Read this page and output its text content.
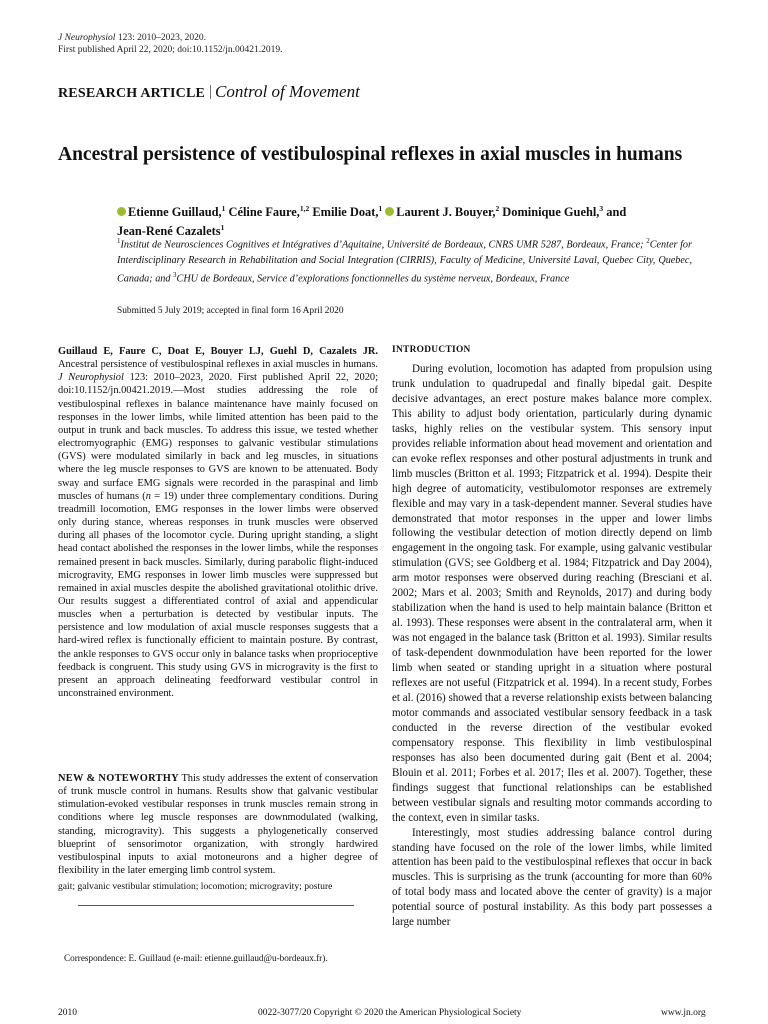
J Neurophysiol 123: 2010–2023, 2020.
First published April 22, 2020; doi:10.1152/jn.00421.2019.
RESEARCH ARTICLE Control of Movement
Ancestral persistence of vestibulospinal reflexes in axial muscles in humans
Etienne Guillaud,$^1$ Céline Faure,$^{1,2}$ Emilie Doat,$^1$ Laurent J. Bouyer,$^2$ Dominique Guehl,$^3$ and
Jean-René Cazalets$^1$
$^1$Institut de Neurosciences Cognitives et Intégratives d’Aquitaine, Université de Bordeaux, CNRS UMR 5287, Bordeaux, France; $^2$Center for Interdisciplinary Research in Rehabilitation and Social Integration (CIRRIS), Faculty of Medicine, Université Laval, Quebec City, Quebec, Canada; and $^3$CHU de Bordeaux, Service d’explorations fonctionnelles du système nerveux, Bordeaux, France
Submitted 5 July 2019; accepted in final form 16 April 2020
Guillaud E, Faure C, Doat E, Bouyer LJ, Guehl D, Cazalets JR. Ancestral persistence of vestibulospinal reflexes in axial muscles in humans. J Neurophysiol 123: 2010–2023, 2020. First published April 22, 2020; doi:10.1152/jn.00421.2019.—Most studies addressing the role of vestibulospinal reflexes in balance maintenance have mainly focused on responses in the lower limbs, while limited attention has been paid to the output in trunk and back muscles. To address this issue, we tested whether electromyographic (EMG) responses to galvanic vestibular stimulations (GVS) were modulated similarly in back and leg muscles, in situations where the leg muscle responses to GVS are known to be attenuated. Body sway and surface EMG signals were recorded in the paraspinal and limb muscles of humans (n = 19) under three complementary conditions. During treadmill locomotion, EMG responses in the lower limbs were observed only during stance, whereas responses in trunk muscles were observed during all phases of the locomotor cycle. During upright standing, a slight head contact abolished the responses in the lower limbs, while the responses remained present in back muscles. Similarly, during parabolic flight-induced microgravity, EMG responses in lower limb muscles were suppressed but remained in axial muscles despite the abolished gravitational otolithic drive. Our results suggest a differentiated control of axial and appendicular muscles when a perturbation is detected by vestibular inputs. The persistence and low modulation of axial muscle responses suggests that a hard-wired reflex is functionally efficient to maintain posture. By contrast, the ankle responses to GVS occur only in balance tasks when proprioceptive feedback is congruent. This study using GVS in microgravity is the first to present an approach delineating feedforward vestibular control in unconstrained environment.
NEW & NOTEWORTHY This study addresses the extent of conservation of trunk muscle control in humans. Results show that galvanic vestibular stimulation-evoked vestibular responses in trunk muscles remain strong in conditions where leg muscle responses are downmodulated (walking, standing, microgravity). This suggests a phylogenetically conserved blueprint of sensorimotor organization, with strongly hardwired vestibulospinal inputs to axial motoneurons and a higher degree of flexibility in the later emerging limb control system.
gait; galvanic vestibular stimulation; locomotion; microgravity; posture
Correspondence: E. Guillaud (e-mail: etienne.guillaud@u-bordeaux.fr).
INTRODUCTION

During evolution, locomotion has adapted from propulsion using trunk undulation to quadrupedal and finally bipedal gait. Despite decisive advantages, an erect posture makes balance more complex. This ability to adjust body orientation, particularly during dynamic tasks, highly relies on the vestibular system. This sensory input provides reliable information about head movement and orientation and can evoke reflex responses and other postural adjustments in trunk and limb muscles (Britton et al. 1993; Fitzpatrick et al. 1994). Despite their high degree of automaticity, vestibulomotor responses are extremely flexible and may vary in a task-dependent manner. Several studies have demonstrated that motor responses in the upper and lower limbs following the vestibular detection of motion directly depend on limb engagement in the ongoing task. For example, using galvanic vestibular stimulation (GVS; see Goldberg et al. 1984; Fitzpatrick and Day 2004), arm motor responses were observed during reaching (Bresciani et al. 2002; Mars et al. 2003; Smith and Reynolds, 2017) and during body stabilization when the hand is used to help maintain balance (Britton et al. 1993). These responses were absent in the contralateral arm, when it was not engaged in the balance task (Britton et al. 1993). Similar results of task-dependent downmodulation have been reported for the lower limb when seated or standing upright in a situation where postural reflexes are not useful (Fitzpatrick et al. 1994). In a recent study, Forbes et al. (2016) showed that a reverse relationship exists between balancing motor commands and associated vestibular sensory feedback in a task conducted in the reverse direction of the vestibular evoked compensatory response. This flexibility in limb vestibulospinal responses has also been documented during gait (Bent et al. 2004; Blouin et al. 2011; Forbes et al. 2017; Iles et al. 2007). Together, these findings suggest that functional relationships can be established between vestibular signals and resulting motor commands according to the context, even in similar tasks.

Interestingly, most studies addressing balance control during standing have focused on the role of the lower limbs, while limited attention has been paid to the vestibulospinal reflexes that occur in back muscles. This is surprising as the trunk (accounting for more than 60% of total body mass and located above the center of gravity) is a major potential source of postural instability. As this body part possesses a large number

2010	0022-3077/20 Copyright © 2020 the American Physiological Society	www.jn.org
